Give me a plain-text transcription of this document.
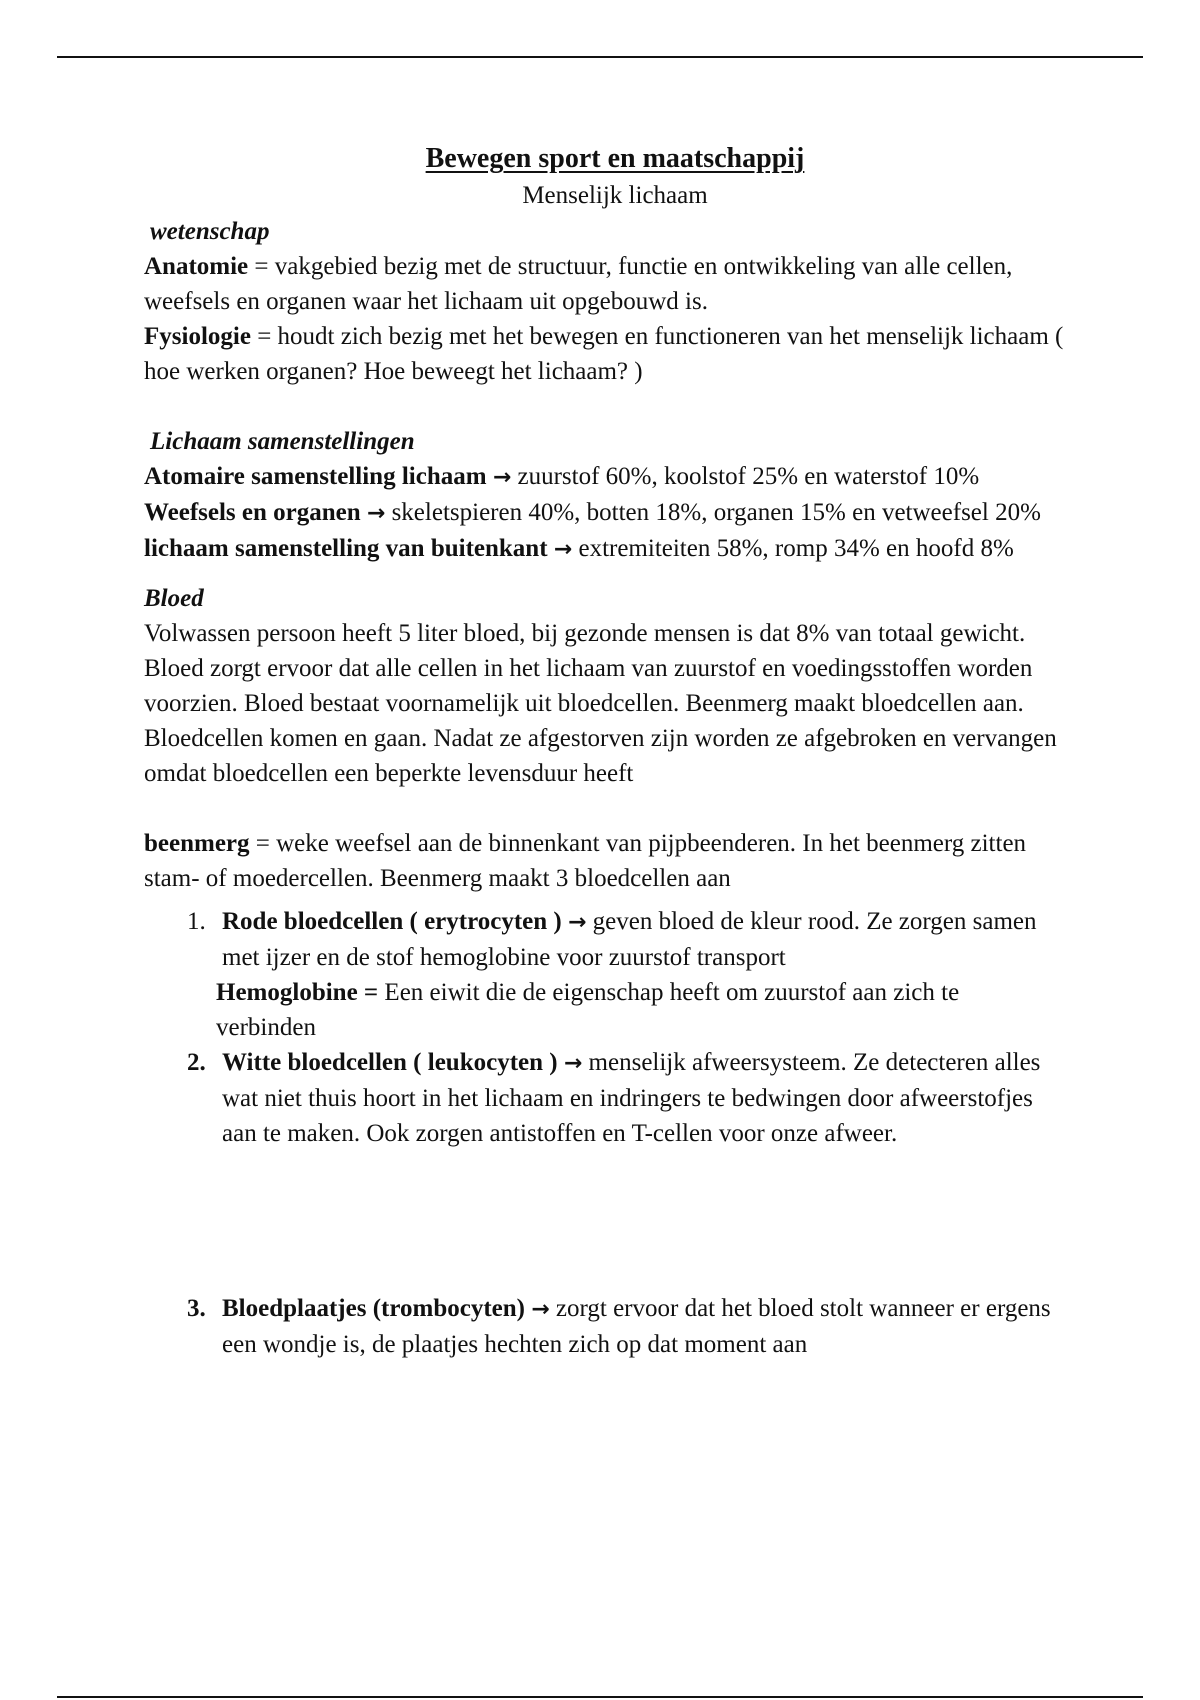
Bewegen sport en maatschappij
Menselijk lichaam

wetenschap

Anatomie = vakgebied bezig met de structuur, functie en ontwikkeling van alle cellen, weefsels en organen waar het lichaam uit opgebouwd is.

Fysiologie = houdt zich bezig met het bewegen en functioneren van het menselijk lichaam ( hoe werken organen? Hoe beweegt het lichaam? )

Lichaam samenstellingen

Atomaire samenstelling lichaam → zuurstof 60%, koolstof 25% en waterstof 10%

Weefsels en organen → skeletspieren 40%, botten 18%, organen 15% en vetweefsel 20%

lichaam samenstelling van buitenkant → extremiteiten 58%, romp 34% en hoofd 8%

Bloed

Volwassen persoon heeft 5 liter bloed, bij gezonde mensen is dat 8% van totaal gewicht.

Bloed zorgt ervoor dat alle cellen in het lichaam van zuurstof en voedingsstoffen worden voorzien. Bloed bestaat voornamelijk uit bloedcellen. Beenmerg maakt bloedcellen aan. Bloedcellen komen en gaan. Nadat ze afgestorven zijn worden ze afgebroken en vervangen omdat bloedcellen een beperkte levensduur heeft

beenmerg = weke weefsel aan de binnenkant van pijpbeenderen. In het beenmerg zitten stam- of moedercellen. Beenmerg maakt 3 bloedcellen aan

1. Rode bloedcellen ( erytrocyten ) → geven bloed de kleur rood. Ze zorgen samen met ijzer en de stof hemoglobine voor zuurstof transport
Hemoglobine = Een eiwit die de eigenschap heeft om zuurstof aan zich te verbinden
2. Witte bloedcellen ( leukocyten ) → menselijk afweersysteem. Ze detecteren alles wat niet thuis hoort in het lichaam en indringers te bedwingen door afweerstofjes aan te maken. Ook zorgen antistoffen en T-cellen voor onze afweer.
3. Bloedplaatjes (trombocyten) → zorgt ervoor dat het bloed stolt wanneer er ergens een wondje is, de plaatjes hechten zich op dat moment aan
